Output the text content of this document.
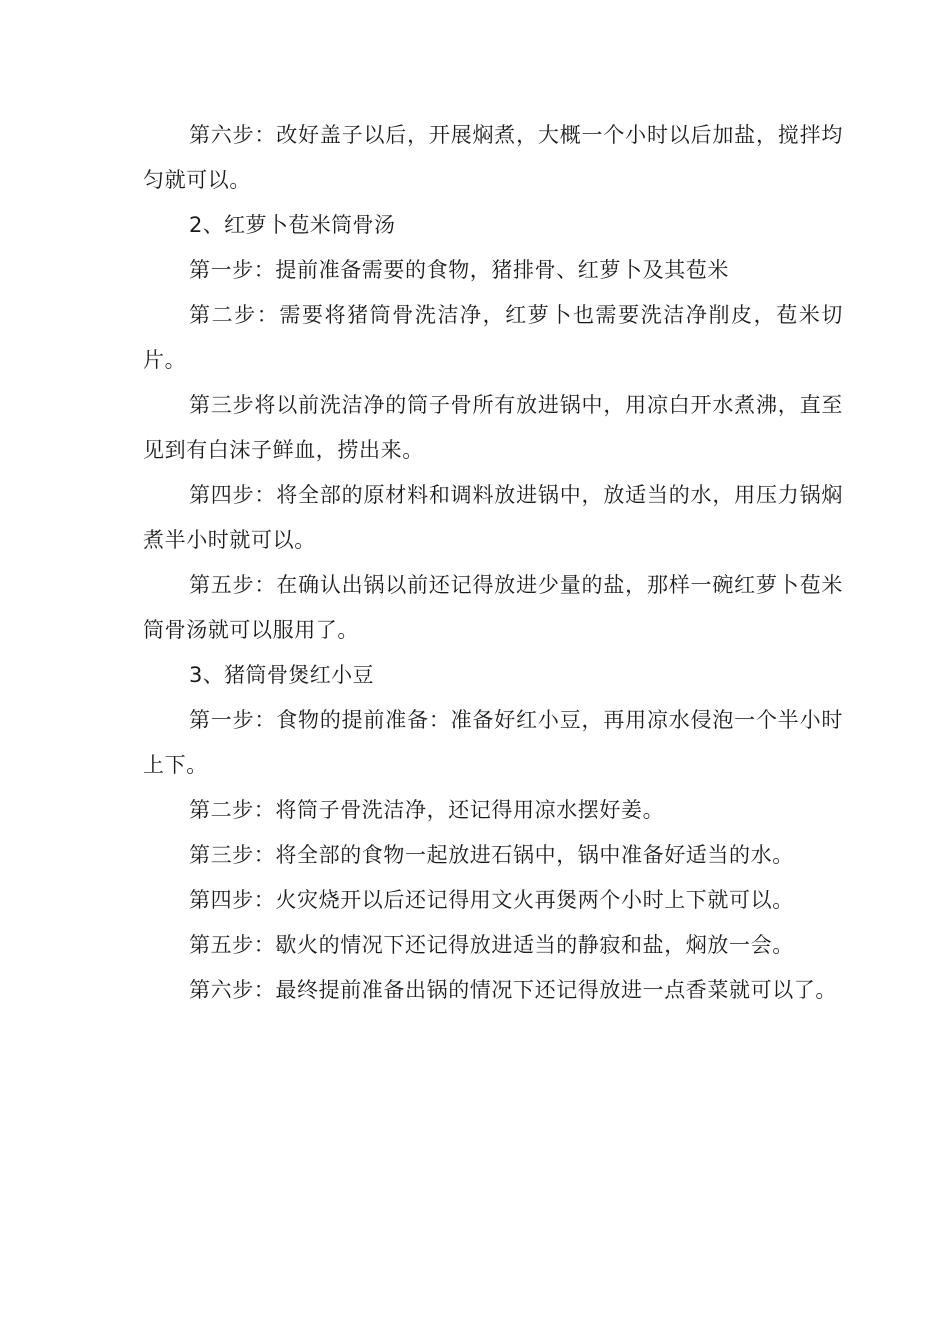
第六步：改好盖子以后，开展焖煮，大概一个小时以后加盐，搅拌均匀就可以。

2、红萝卜苞米筒骨汤

第一步：提前准备需要的食物，猪排骨、红萝卜及其苞米

第二步：需要将猪筒骨洗洁净，红萝卜也需要洗洁净削皮，苞米切片。

第三步将以前洗洁净的筒子骨所有放进锅中，用凉白开水煮沸，直至见到有白沫子鲜血，捞出来。

第四步：将全部的原材料和调料放进锅中，放适当的水，用压力锅焖煮半小时就可以。

第五步：在确认出锅以前还记得放进少量的盐，那样一碗红萝卜苞米筒骨汤就可以服用了。

3、猪筒骨煲红小豆

第一步：食物的提前准备：准备好红小豆，再用凉水侵泡一个半小时上下。

第二步：将筒子骨洗洁净，还记得用凉水摆好姜。

第三步：将全部的食物一起放进石锅中，锅中准备好适当的水。

第四步：火灾烧开以后还记得用文火再煲两个小时上下就可以。

第五步：歇火的情况下还记得放进适当的静寂和盐，焖放一会。

第六步：最终提前准备出锅的情况下还记得放进一点香菜就可以了。
